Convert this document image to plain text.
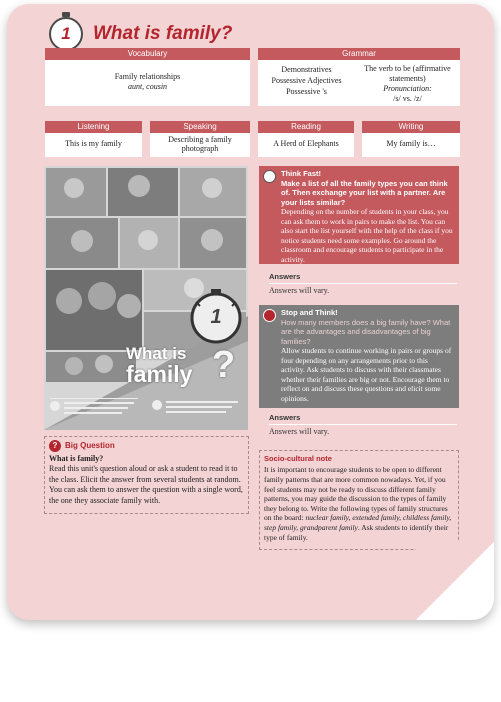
1 What is family?
Vocabulary
Family relationships
aunt, cousin
Grammar
Demonstratives
Possessive Adjectives
Possessive 's
The verb to be (affirmative statements)
Pronunciation:
/s/ vs. /z/
Listening
This is my family
Speaking
Describing a family photograph
Reading
A Herd of Elephants
Writing
My family is…
1
What is
family ?
? Big Question
What is family?
Read this unit's question aloud or ask a student to read it to the class. Elicit the answer from several students at random. You can ask them to answer the question with a single word, the one they associate family with.
Think Fast!
Make a list of all the family types you can think of. Then exchange your list with a partner. Are your lists similar?
Depending on the number of students in your class, you can ask them to work in pairs to make the list. You can also start the list yourself with the help of the class if you notice students need some examples. Go around the classroom and encourage students to participate in the activity.
Answers
Answers will vary.
Stop and Think!
How many members does a big family have? What are the advantages and disadvantages of big families?
Allow students to continue working in pairs or groups of four depending on any arrangements prior to this activity. Ask students to discuss with their classmates whether their families are big or not. Encourage them to reflect on and discuss these questions and elicit some opinions.
Answers
Answers will vary.
Socio-cultural note
It is important to encourage students to be open to different family patterns that are more common nowadays. Yet, if you feel students may not be ready to discuss different family patterns, you may guide the discussion to the types of family they belong to. Write the following types of family structures on the board: nuclear family, extended family, childless family, step family, grandparent family. Ask students to identify their type of family.
